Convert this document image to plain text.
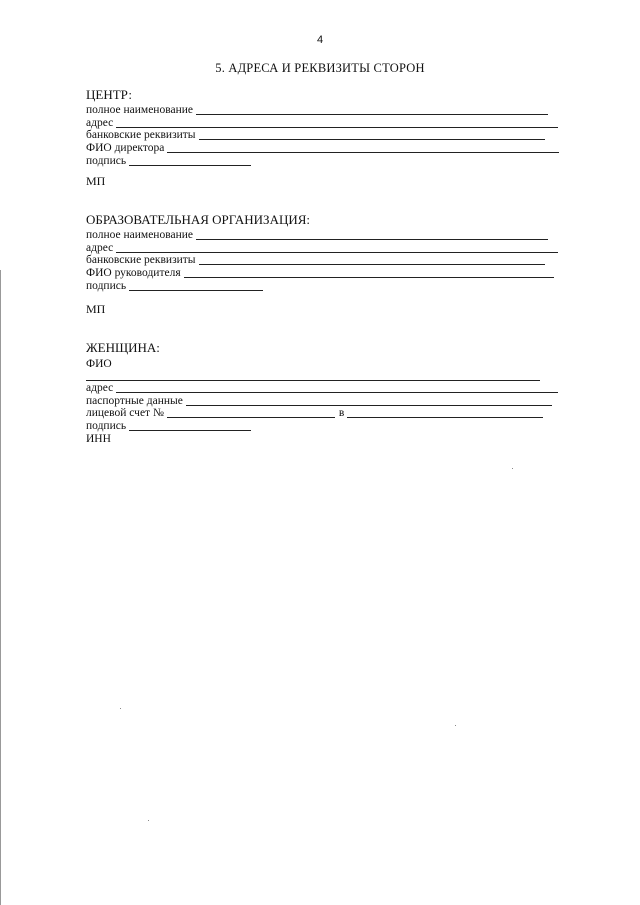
4
5. АДРЕСА И РЕКВИЗИТЫ СТОРОН
ЦЕНТР:
полное наименование
адрес
банковские реквизиты
ФИО директора
подпись
МП
ОБРАЗОВАТЕЛЬНАЯ ОРГАНИЗАЦИЯ:
полное наименование
адрес
банковские реквизиты
ФИО руководителя
подпись
МП
ЖЕНЩИНА:
ФИО
адрес
паспортные данные
лицевой счет №	в
подпись
ИНН
